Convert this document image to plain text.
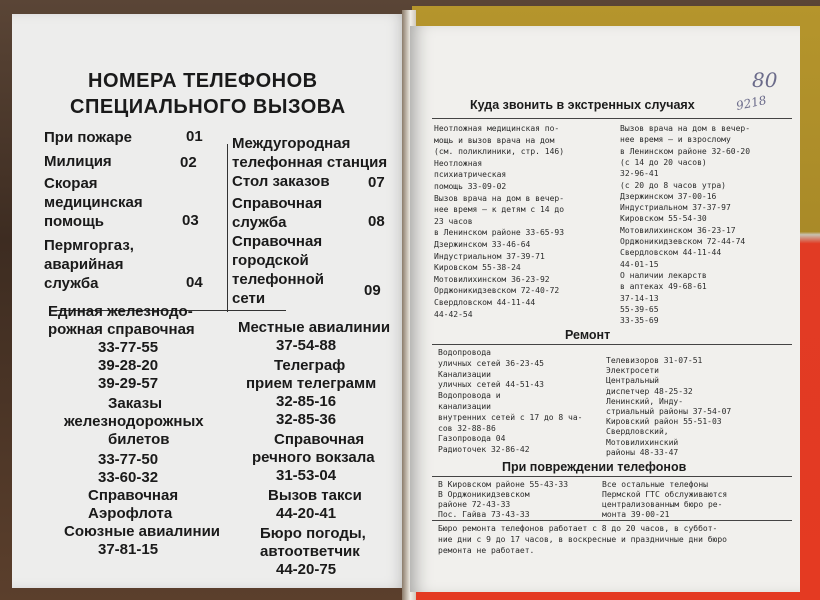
НОМЕРА ТЕЛЕФОНОВ
СПЕЦИАЛЬНОГО ВЫЗОВА
При пожаре	01
Милиция	02
Скорая
медицинская
помощь	03
Пермгоргаз,
аварийная
служба	04
Междугородная
телефонная станция
Стол заказов	07
Справочная
служба	08
Справочная
городской
телефонной
сети	09
Единая железнодо-
рожная справочная
33-77-55
39-28-20
39-29-57
Заказы
железнодорожных
билетов
33-77-50
33-60-32
Справочная
Аэрофлота
Союзные авиалинии
37-81-15
Местные авиалинии
37-54-88
Телеграф
прием телеграмм
32-85-16
32-85-36
Справочная
речного вокзала
31-53-04
Вызов такси
44-20-41
Бюро погоды,
автоответчик
44-20-75
80
9218
Куда звонить в экстренных случаях
Неотложная медицинская по-
мощь и вызов врача на дом
(см. поликлиники, стр. 146)
Неотложная
психиатрическая
помощь 33-09-02
Вызов врача на дом в вечер-
нее время — к детям с 14 до
23 часов
в Ленинском районе 33-65-93
Дзержинском 33-46-64
Индустриальном 37-39-71
Кировском 55-38-24
Мотовилихинском 36-23-92
Орджоникидзевском 72-40-72
Свердловском 44-11-44
44-42-54
Вызов врача на дом в вечер-
нее время — и взрослому
в Ленинском районе 32-60-20
(с 14 до 20 часов)
32-96-41
(с 20 до 8 часов утра)
Дзержинском 37-00-16
Индустриальном 37-37-97
Кировском 55-54-30
Мотовилихинском 36-23-17
Орджоникидзевском 72-44-74
Свердловском 44-11-44
44-01-15
О наличии лекарств
в аптеках 49-68-61
37-14-13
55-39-65
33-35-69
Ремонт
Водопровода
уличных сетей 36-23-45
Канализации
уличных сетей 44-51-43
Водопровода и
канализации
внутренних сетей с 17 до 8 ча-
сов 32-88-86
Газопровода 04
Радиоточек 32-86-42
Телевизоров 31-07-51
Электросети
Центральный
диспетчер 48-25-32
Ленинский, Инду-
стриальный районы 37-54-07
Кировский район 55-51-03
Свердловский,
Мотовилихинский
районы 48-33-47
При повреждении телефонов
В Кировском районе 55-43-33
В Орджоникидзевском
районе 72-43-33
Пос. Гайва 73-43-33
Все остальные телефоны
Пермской ГТС обслуживаются
централизованным бюро ре-
монта 39-00-21
Бюро ремонта телефонов работает с 8 до 20 часов, в суббот-
ние дни с 9 до 17 часов, в воскресные и праздничные дни бюро
ремонта не работает.
